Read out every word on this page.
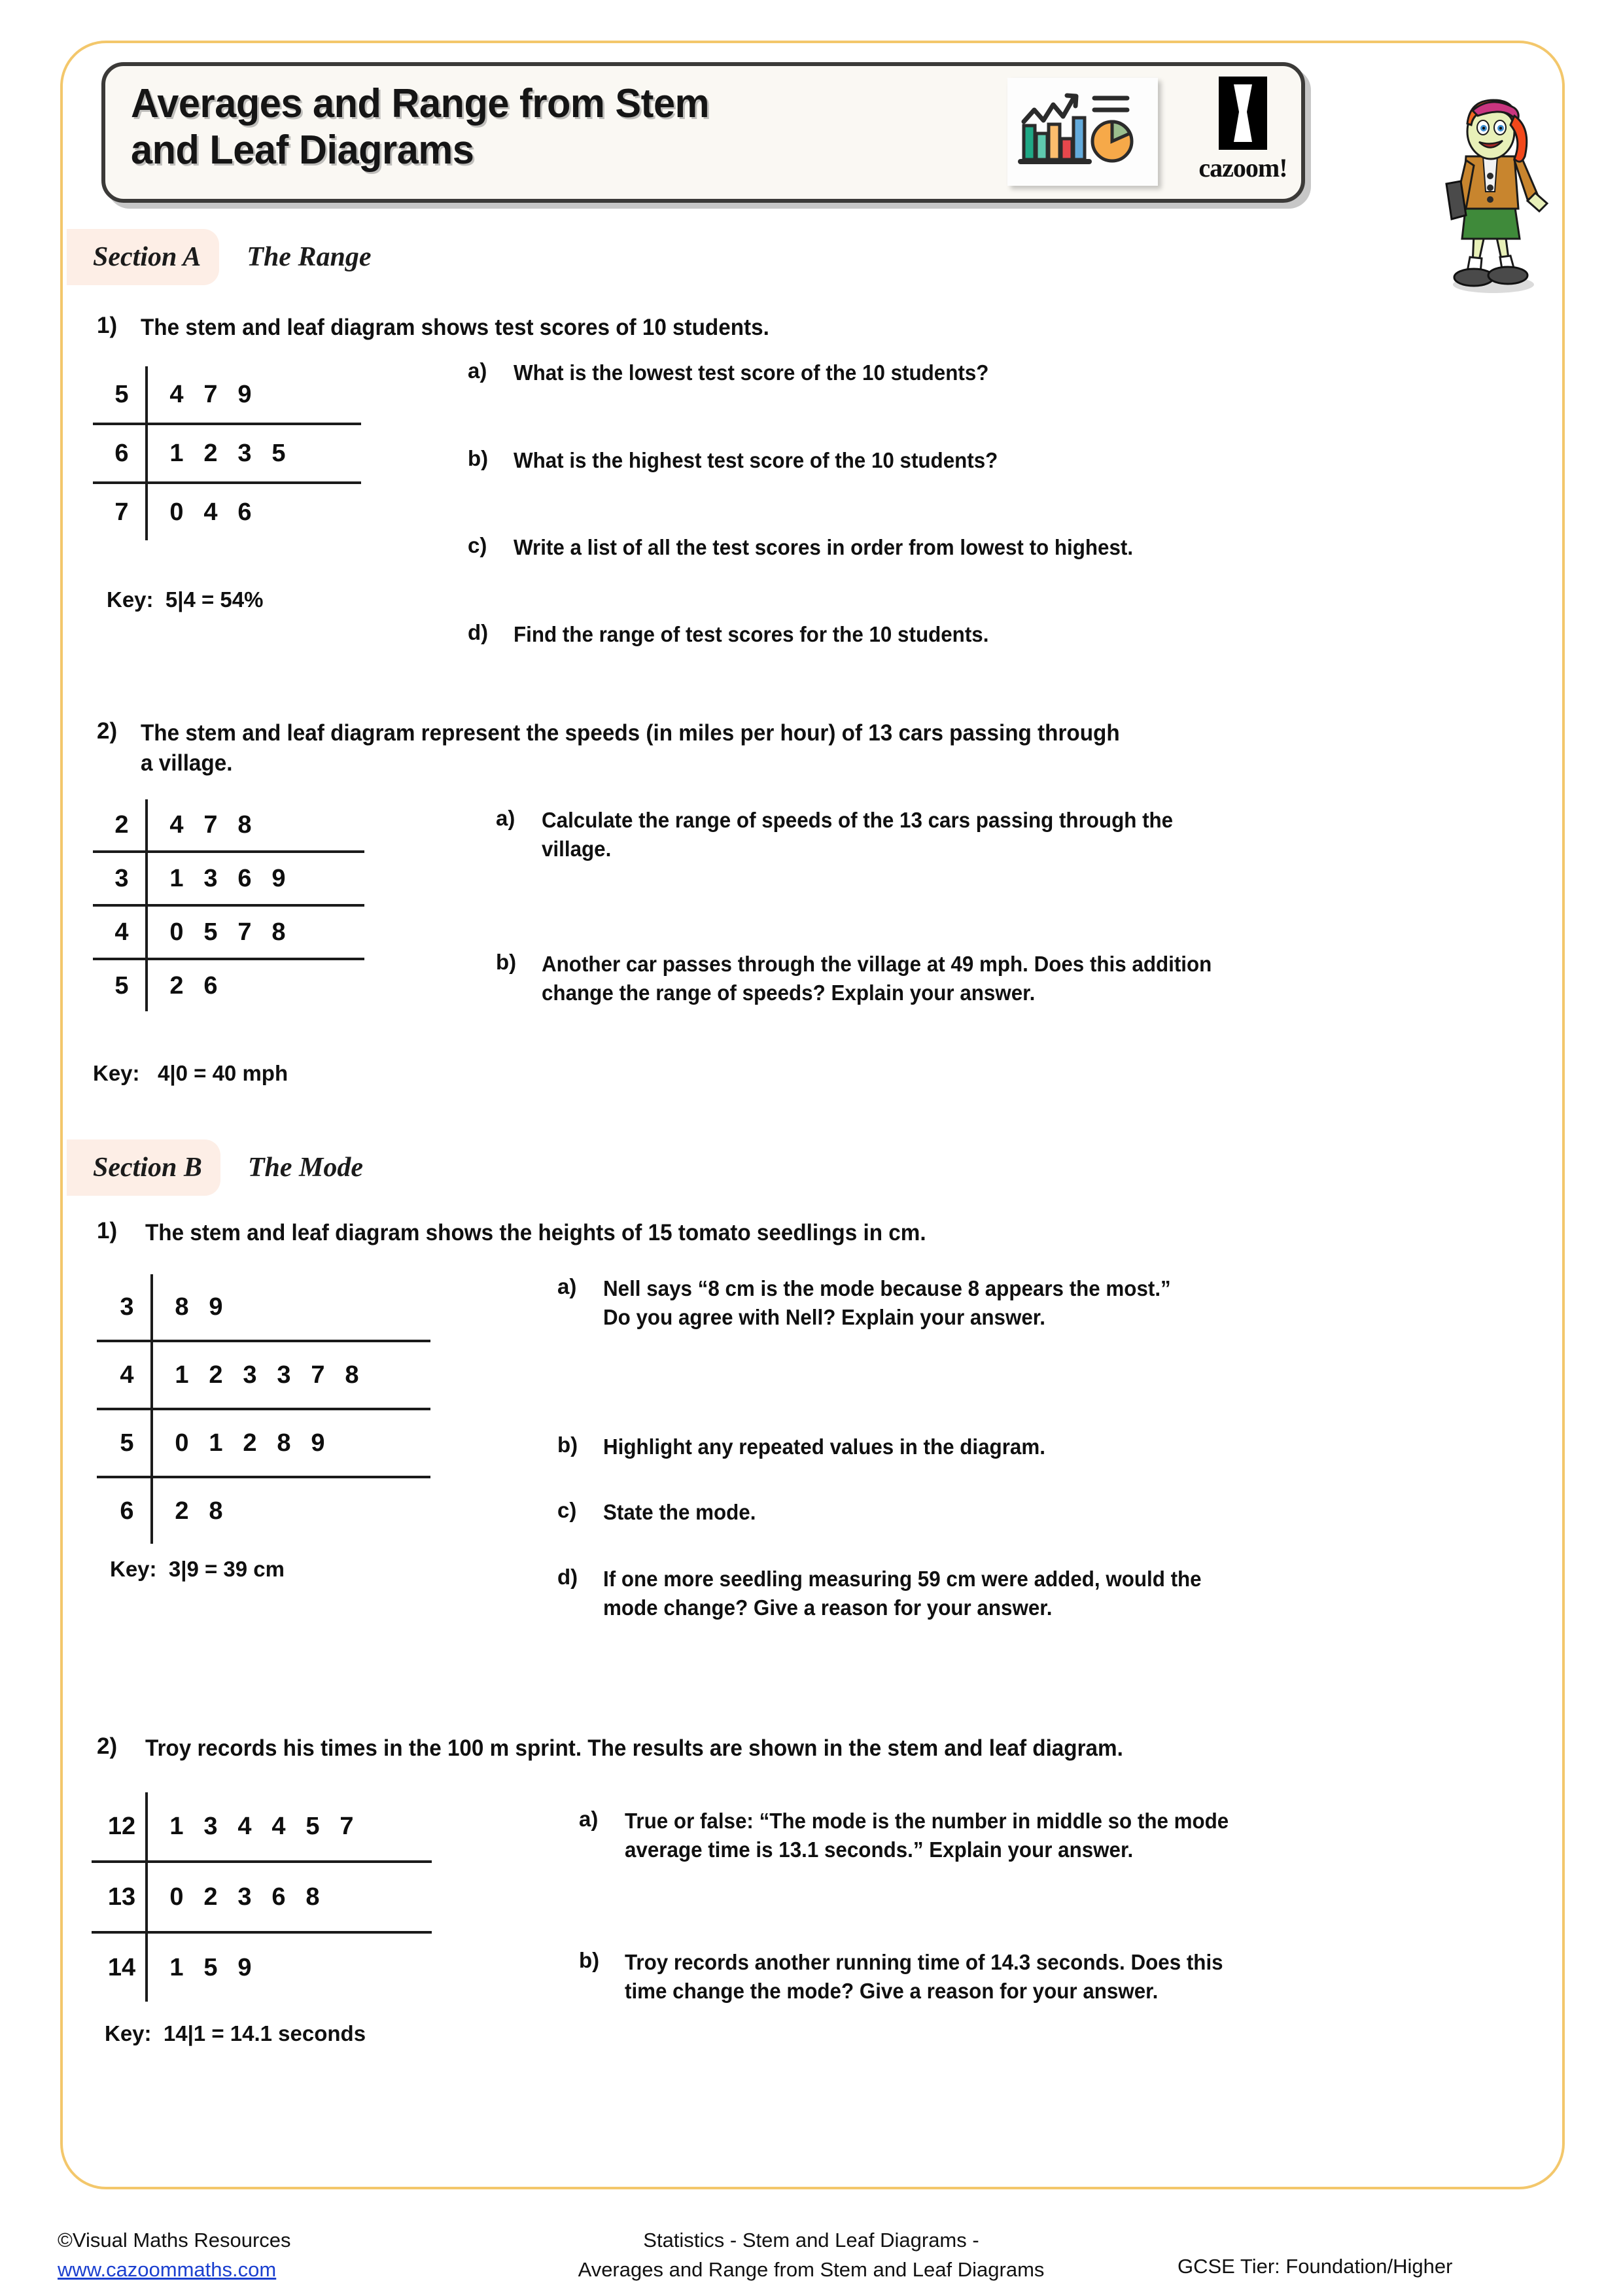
Averages and Range from Stem
and Leaf Diagrams	cazoom!
Section A The Range
1) The stem and leaf diagram shows test scores of 10 students.
5	4 7 9
6	1 2 3 5
7	0 4 6
Key:  5|4 = 54%
a) What is the lowest test score of the 10 students?
b) What is the highest test score of the 10 students?
c) Write a list of all the test scores in order from lowest to highest.
d) Find the range of test scores for the 10 students.
2) The stem and leaf diagram represent the speeds (in miles per hour) of 13 cars passing through
a village.
2	4 7 8
3	1 3 6 9
4	0 5 7 8
5	2 6
Key:   4|0 = 40 mph
a) Calculate the range of speeds of the 13 cars passing through the
village.
b) Another car passes through the village at 49 mph. Does this addition
change the range of speeds? Explain your answer.
Section B The Mode
1) The stem and leaf diagram shows the heights of 15 tomato seedlings in cm.
3	8 9
4	1 2 3 3 7 8
5	0 1 2 8 9
6	2 8
Key:  3|9 = 39 cm
a) Nell says “8 cm is the mode because 8 appears the most.”
Do you agree with Nell? Explain your answer.
b) Highlight any repeated values in the diagram.
c) State the mode.
d) If one more seedling measuring 59 cm were added, would the
mode change? Give a reason for your answer.
2) Troy records his times in the 100 m sprint. The results are shown in the stem and leaf diagram.
12	1 3 4 4 5 7
13	0 2 3 6 8
14	1 5 9
Key:  14|1 = 14.1 seconds
a) True or false: “The mode is the number in middle so the mode
average time is 13.1 seconds.” Explain your answer.
b) Troy records another running time of 14.3 seconds. Does this
time change the mode? Give a reason for your answer.
©Visual Maths Resources
www.cazoommaths.com
Statistics - Stem and Leaf Diagrams -
Averages and Range from Stem and Leaf Diagrams	GCSE Tier: Foundation/Higher
